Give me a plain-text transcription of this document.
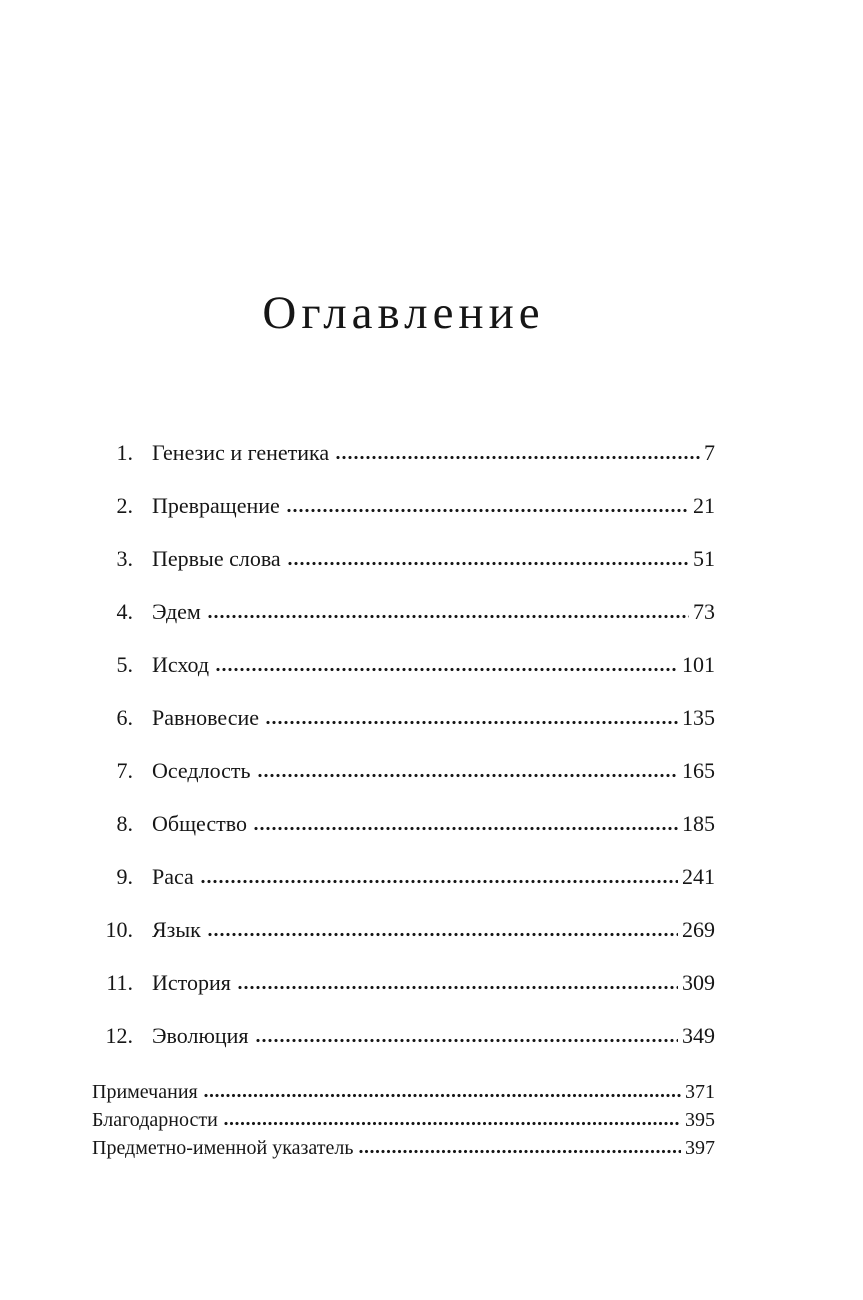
Оглавление
1. Генезис и генетика	7
2. Превращение	21
3. Первые слова	51
4. Эдем	73
5. Исход	101
6. Равновесие	135
7. Оседлость	165
8. Общество	185
9. Раса	241
10. Язык	269
11. История	309
12. Эволюция	349
Примечания	371
Благодарности	395
Предметно-именной указатель	397
